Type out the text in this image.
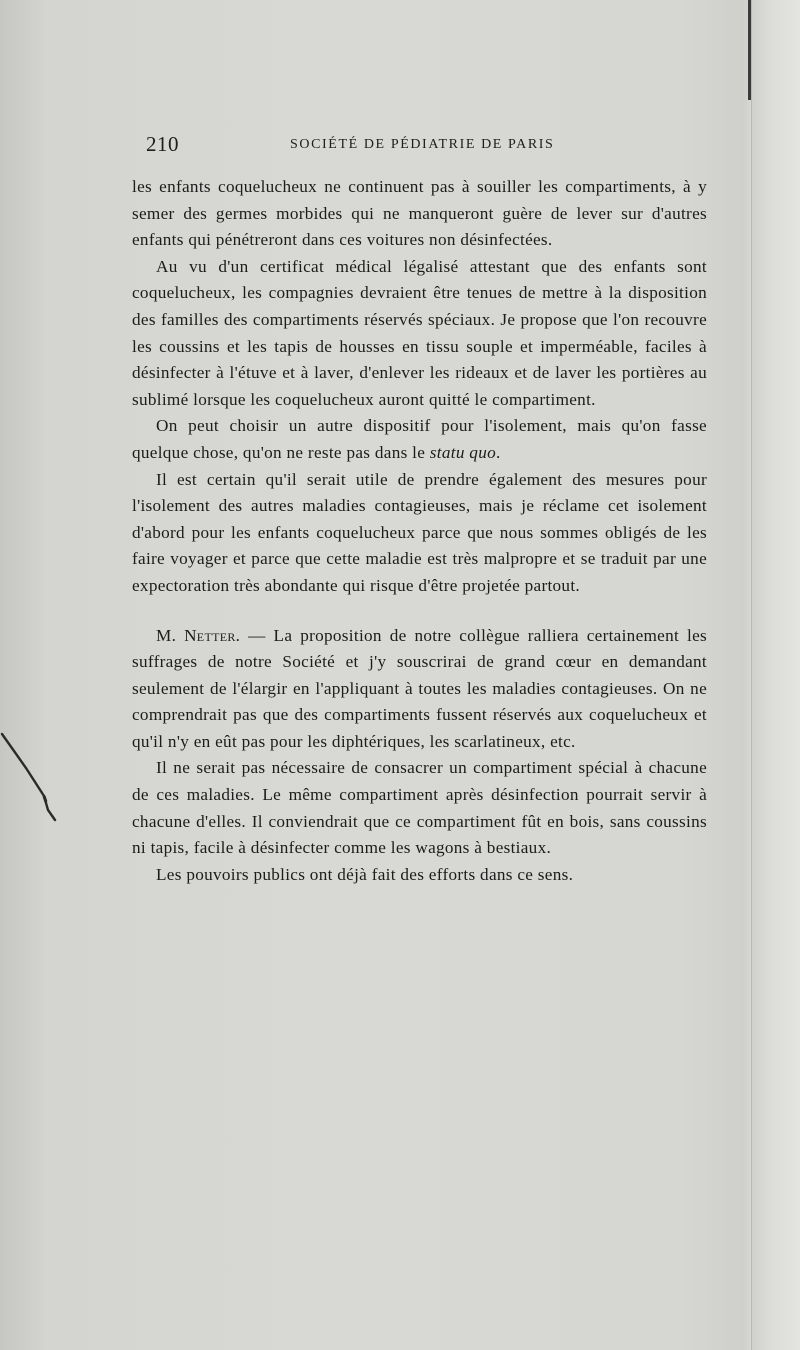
210	SOCIÉTÉ DE PÉDIATRIE DE PARIS

les enfants coquelucheux ne continuent pas à souiller les compartiments, à y semer des germes morbides qui ne manqueront guère de lever sur d'autres enfants qui pénétreront dans ces voitures non désinfectées.

Au vu d'un certificat médical légalisé attestant que des enfants sont coquelucheux, les compagnies devraient être tenues de mettre à la disposition des familles des compartiments réservés spéciaux. Je propose que l'on recouvre les coussins et les tapis de housses en tissu souple et imperméable, faciles à désinfecter à l'étuve et à laver, d'enlever les rideaux et de laver les portières au sublimé lorsque les coquelucheux auront quitté le compartiment.

On peut choisir un autre dispositif pour l'isolement, mais qu'on fasse quelque chose, qu'on ne reste pas dans le statu quo.

Il est certain qu'il serait utile de prendre également des mesures pour l'isolement des autres maladies contagieuses, mais je réclame cet isolement d'abord pour les enfants coquelucheux parce que nous sommes obligés de les faire voyager et parce que cette maladie est très malpropre et se traduit par une expectoration très abondante qui risque d'être projetée partout.

M. Netter. — La proposition de notre collègue ralliera certainement les suffrages de notre Société et j'y souscrirai de grand cœur en demandant seulement de l'élargir en l'appliquant à toutes les maladies contagieuses. On ne comprendrait pas que des compartiments fussent réservés aux coquelucheux et qu'il n'y en eût pas pour les diphtériques, les scarlatineux, etc.

Il ne serait pas nécessaire de consacrer un compartiment spécial à chacune de ces maladies. Le même compartiment après désinfection pourrait servir à chacune d'elles. Il conviendrait que ce compartiment fût en bois, sans coussins ni tapis, facile à désinfecter comme les wagons à bestiaux.

Les pouvoirs publics ont déjà fait des efforts dans ce sens.
